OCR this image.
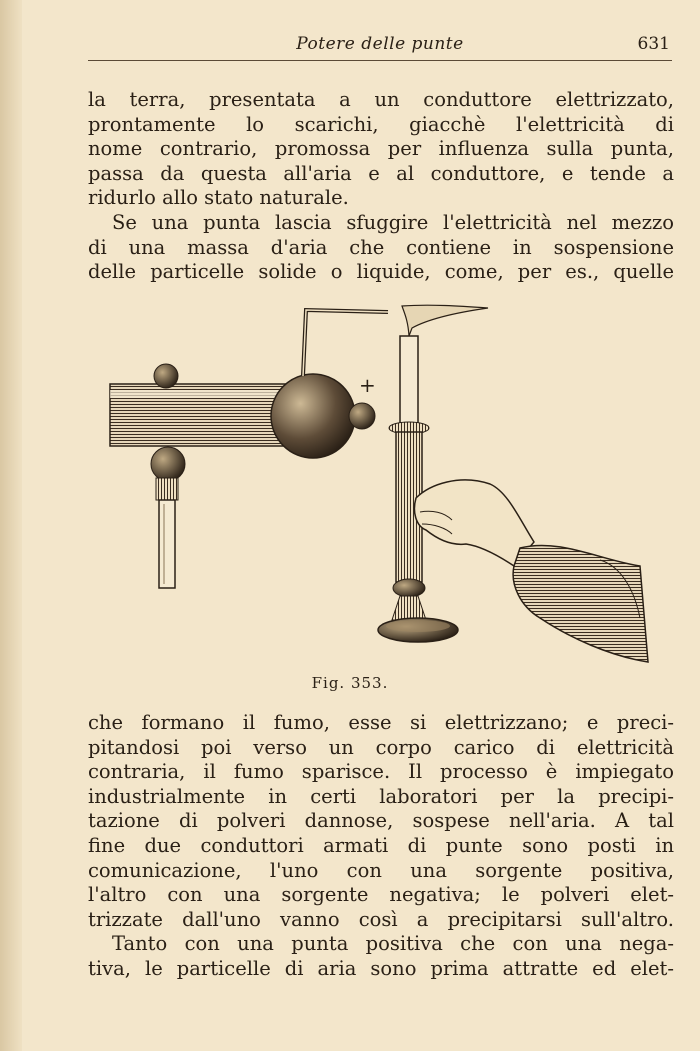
Potere delle punte	631
la terra, presentata a un conduttore elettrizzato,
prontamente lo scarichi, giacchè l'elettricità di
nome contrario, promossa per influenza sulla punta,
passa da questa all'aria e al conduttore, e tende a
ridurlo allo stato naturale.
Se una punta lascia sfuggire l'elettricità nel mezzo
di una massa d'aria che contiene in sospensione
delle particelle solide o liquide, come, per es., quelle
+
Fig. 353.
che formano il fumo, esse si elettrizzano; e preci-
pitandosi poi verso un corpo carico di elettricità
contraria, il fumo sparisce. Il processo è impiegato
industrialmente in certi laboratori per la precipi-
tazione di polveri dannose, sospese nell'aria. A tal
fine due conduttori armati di punte sono posti in
comunicazione, l'uno con una sorgente positiva,
l'altro con una sorgente negativa; le polveri elet-
trizzate dall'uno vanno così a precipitarsi sull'altro.
Tanto con una punta positiva che con una nega-
tiva, le particelle di aria sono prima attratte ed elet-
